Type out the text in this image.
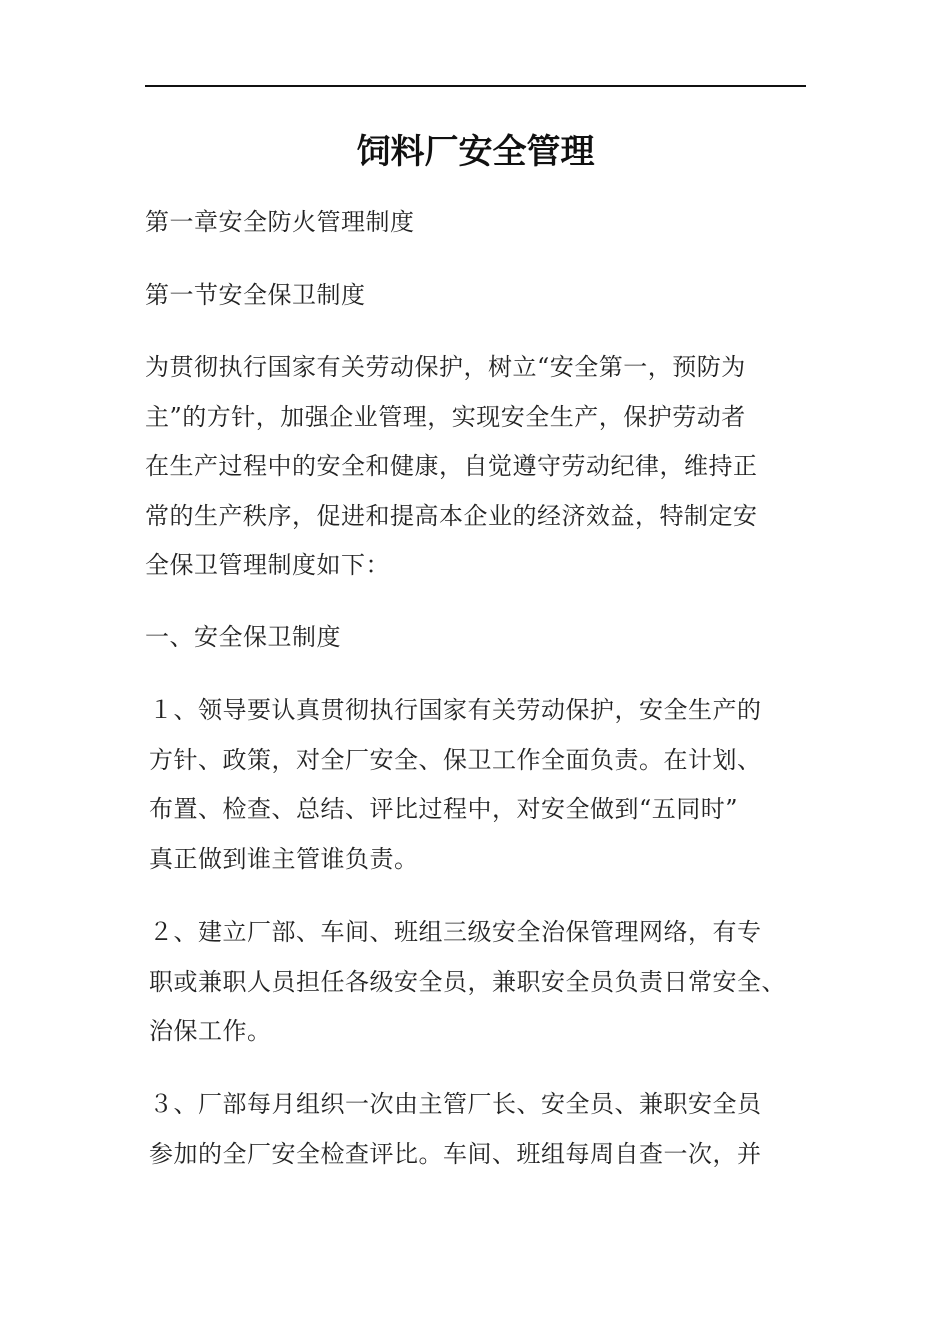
饲料厂安全管理

第一章安全防火管理制度

第一节安全保卫制度

为贯彻执行国家有关劳动保护，树立“安全第一，预防为
主”的方针，加强企业管理，实现安全生产，保护劳动者
在生产过程中的安全和健康，自觉遵守劳动纪律，维持正
常的生产秩序，促进和提高本企业的经济效益，特制定安
全保卫管理制度如下：

一、安全保卫制度

１、领导要认真贯彻执行国家有关劳动保护，安全生产的
方针、政策，对全厂安全、保卫工作全面负责。在计划、
布置、检查、总结、评比过程中，对安全做到“五同时”
真正做到谁主管谁负责。

２、建立厂部、车间、班组三级安全治保管理网络，有专
职或兼职人员担任各级安全员，兼职安全员负责日常安全、
治保工作。

３、厂部每月组织一次由主管厂长、安全员、兼职安全员
参加的全厂安全检查评比。车间、班组每周自查一次，并
